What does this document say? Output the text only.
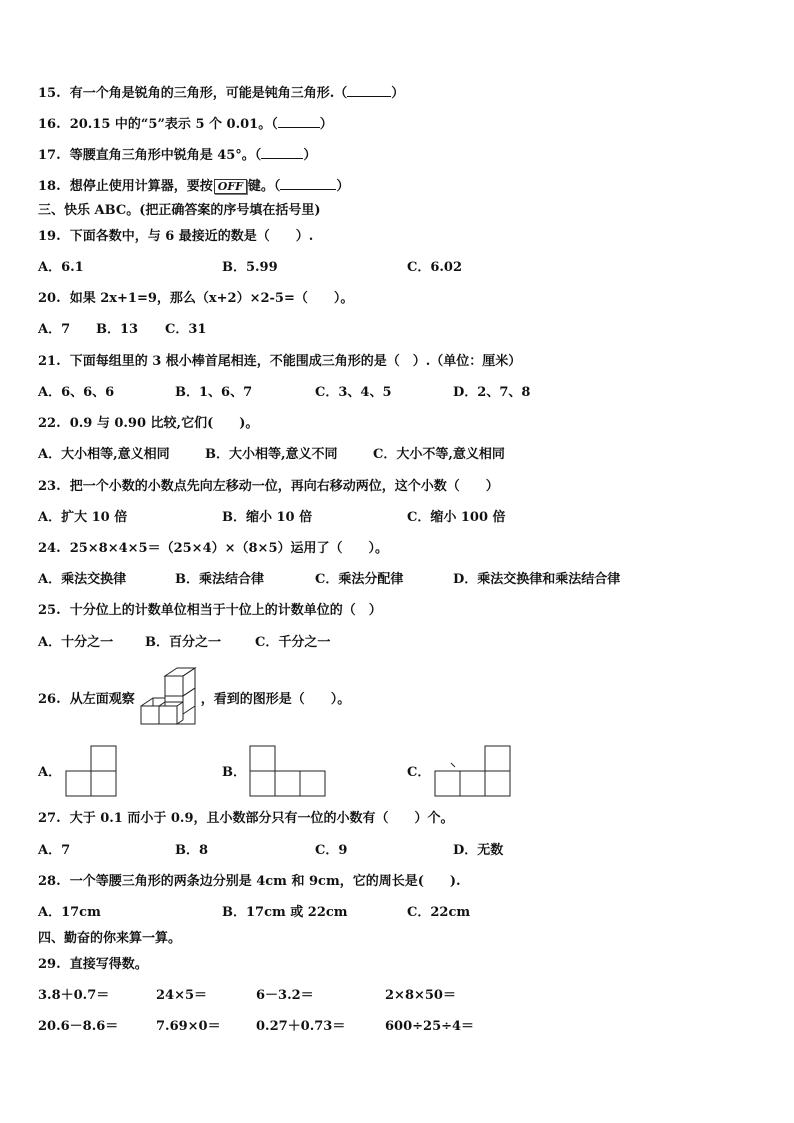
15. 有一个角是锐角的三角形，可能是钝角三角形.（	）
16. 20.15 中的“5”表示 5 个 0.01。（	）
17. 等腰直角三角形中锐角是 45°。（	）
18. 想停止使用计算器，要按 OFF 键。（	）
三、快乐 ABC。(把正确答案的序号填在括号里)
19. 下面各数中，与 6 最接近的数是（　　）.
A．6.1	B．5.99	C．6.02
20. 如果 2x+1=9，那么（x+2）×2-5=（　　）。
A．7 B．13 C．31
21. 下面每组里的 3 根小棒首尾相连，不能围成三角形的是（　）.（单位：厘米）
A．6、6、6	B．1、6、7	C．3、4、5	D．2、7、8
22. 0.9 与 0.90 比较,它们(　　)。
A．大小相等,意义相同	B．大小相等,意义不同	C．大小不等,意义相同
23. 把一个小数的小数点先向左移动一位，再向右移动两位，这个小数（　　）
A．扩大 10 倍	B．缩小 10 倍	C．缩小 100 倍
24. 25×8×4×5＝（25×4）×（8×5）运用了（　　）。
A．乘法交换律	B．乘法结合律	C．乘法分配律	D．乘法交换律和乘法结合律
25. 十分位上的计数单位相当于十位上的计数单位的（　）
A．十分之一 B．百分之一	C．千分之一
26. 从左面观察	，看到的图形是（　　）。
A．	B．	C．
27. 大于 0.1 而小于 0.9，且小数部分只有一位的小数有（　　）个。
A．7	B．8	C．9	D．无数
28. 一个等腰三角形的两条边分别是 4cm 和 9cm，它的周长是(　　).
A．17cm	B．17cm 或 22cm	C．22cm
四、勤奋的你来算一算。
29. 直接写得数。
3.8＋0.7＝	24×5＝	6－3.2＝	2×8×50＝
20.6－8.6＝	7.69×0＝	0.27＋0.73＝	600÷25÷4＝
